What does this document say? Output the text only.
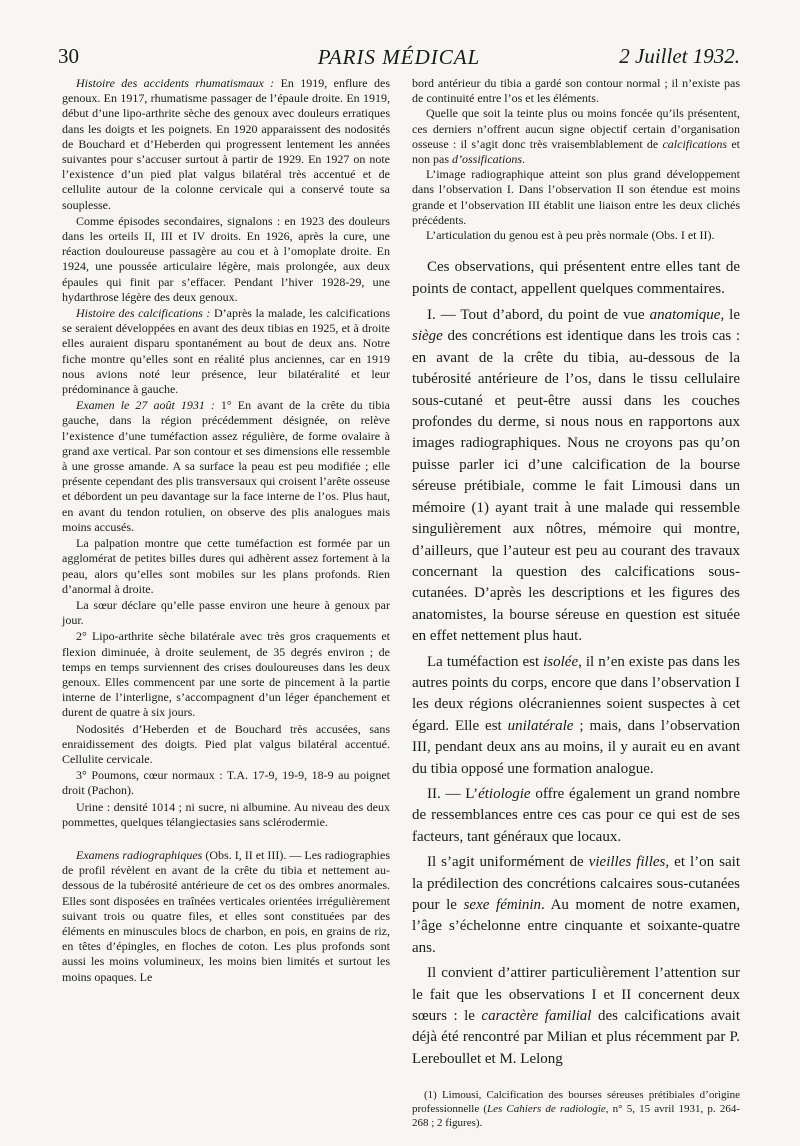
30	PARIS MÉDICAL	2 Juillet 1932.

Histoire des accidents rhumatismaux : En 1919, enflure des genoux. En 1917, rhumatisme passager de l’épaule droite. En 1919, début d’une lipo-arthrite sèche des genoux avec douleurs erratiques dans les doigts et les poignets. En 1920 apparaissent des nodosités de Bouchard et d’Heberden qui progressent lentement les années suivantes pour s’accuser surtout à partir de 1929. En 1927 on note l’existence d’un pied plat valgus bilatéral très accentué et de cellulite autour de la colonne cervicale qui a conservé toute sa souplesse.

Comme épisodes secondaires, signalons : en 1923 des douleurs dans les orteils II, III et IV droits. En 1926, après la cure, une réaction douloureuse passagère au cou et à l’omoplate droite. En 1924, une poussée articulaire légère, mais prolongée, aux deux épaules qui finit par s’effacer. Pendant l’hiver 1928-29, une hydarthrose légère des deux genoux.

Histoire des calcifications : D’après la malade, les calcifications se seraient développées en avant des deux tibias en 1925, et à droite elles auraient disparu spontanément au bout de deux ans. Notre fiche montre qu’elles sont en réalité plus anciennes, car en 1919 nous avions noté leur présence, leur bilatéralité et leur prédominance à gauche.

Examen le 27 août 1931 : 1° En avant de la crête du tibia gauche, dans la région précédemment désignée, on relève l’existence d’une tuméfaction assez régulière, de forme ovalaire à grand axe vertical. Par son contour et ses dimensions elle ressemble à une grosse amande. A sa surface la peau est peu modifiée ; elle présente cependant des plis transversaux qui croisent l’arête osseuse et débordent un peu davantage sur la face interne de l’os. Plus haut, en avant du tendon rotulien, on observe des plis analogues mais moins accusés.

La palpation montre que cette tuméfaction est formée par un agglomérat de petites billes dures qui adhèrent assez fortement à la peau, alors qu’elles sont mobiles sur les plans profonds. Rien d’anormal à droite.

La sœur déclare qu’elle passe environ une heure à genoux par jour.

2° Lipo-arthrite sèche bilatérale avec très gros craquements et flexion diminuée, à droite seulement, de 35 degrés environ ; de temps en temps surviennent des crises douloureuses dans les deux genoux. Elles commencent par une sorte de pincement à la partie interne de l’interligne, s’accompagnent d’un léger épanchement et durent de quatre à six jours.

Nodosités d’Heberden et de Bouchard très accusées, sans enraidissement des doigts. Pied plat valgus bilatéral accentué. Cellulite cervicale.

3° Poumons, cœur normaux : T.A. 17-9, 19-9, 18-9 au poignet droit (Pachon).

Urine : densité 1014 ; ni sucre, ni albumine. Au niveau des deux pommettes, quelques télangiectasies sans sclérodermie.

Examens radiographiques (Obs. I, II et III). — Les radiographies de profil révèlent en avant de la crête du tibia et nettement au-dessous de la tubérosité antérieure de cet os des ombres anormales. Elles sont disposées en traînées verticales orientées irrégulièrement suivant trois ou quatre files, et elles sont constituées par des éléments en minuscules blocs de charbon, en pois, en grains de riz, en têtes d’épingles, en floches de coton. Les plus profonds sont aussi les moins volumineux, les moins bien limités et surtout les moins opaques. Le

bord antérieur du tibia a gardé son contour normal ; il n’existe pas de continuité entre l’os et les éléments.

Quelle que soit la teinte plus ou moins foncée qu’ils présentent, ces derniers n’offrent aucun signe objectif certain d’organisation osseuse : il s’agit donc très vraisemblablement de calcifications et non pas d’ossifications.

L’image radiographique atteint son plus grand développement dans l’observation I. Dans l’observation II son étendue est moins grande et l’observation III établit une liaison entre les deux clichés précédents.

L’articulation du genou est à peu près normale (Obs. I et II).

Ces observations, qui présentent entre elles tant de points de contact, appellent quelques commentaires.

I. — Tout d’abord, du point de vue anatomique, le siège des concrétions est identique dans les trois cas : en avant de la crête du tibia, au-dessous de la tubérosité antérieure de l’os, dans le tissu cellulaire sous-cutané et peut-être aussi dans les couches profondes du derme, si nous nous en rapportons aux images radiographiques. Nous ne croyons pas qu’on puisse parler ici d’une calcification de la bourse séreuse prétibiale, comme le fait Limousi dans un mémoire (1) ayant trait à une malade qui ressemble singulièrement aux nôtres, mémoire qui montre, d’ailleurs, que l’auteur est peu au courant des travaux concernant la question des calcifications sous-cutanées. D’après les descriptions et les figures des anatomistes, la bourse séreuse en question est située en effet nettement plus haut.

La tuméfaction est isolée, il n’en existe pas dans les autres points du corps, encore que dans l’observation I les deux régions olécraniennes soient suspectes à cet égard. Elle est unilatérale ; mais, dans l’observation III, pendant deux ans au moins, il y aurait eu en avant du tibia opposé une formation analogue.

II. — L’étiologie offre également un grand nombre de ressemblances entre ces cas pour ce qui est de ses facteurs, tant généraux que locaux.

Il s’agit uniformément de vieilles filles, et l’on sait la prédilection des concrétions calcaires sous-cutanées pour le sexe féminin. Au moment de notre examen, l’âge s’échelonne entre cinquante et soixante-quatre ans.

Il convient d’attirer particulièrement l’attention sur le fait que les observations I et II concernent deux sœurs : le caractère familial des calcifications avait déjà été rencontré par Milian et plus récemment par P. Lereboullet et M. Lelong

(1) Limousi, Calcification des bourses séreuses prétibiales d’origine professionnelle (Les Cahiers de radiologie, n° 5, 15 avril 1931, p. 264-268 ; 2 figures).
